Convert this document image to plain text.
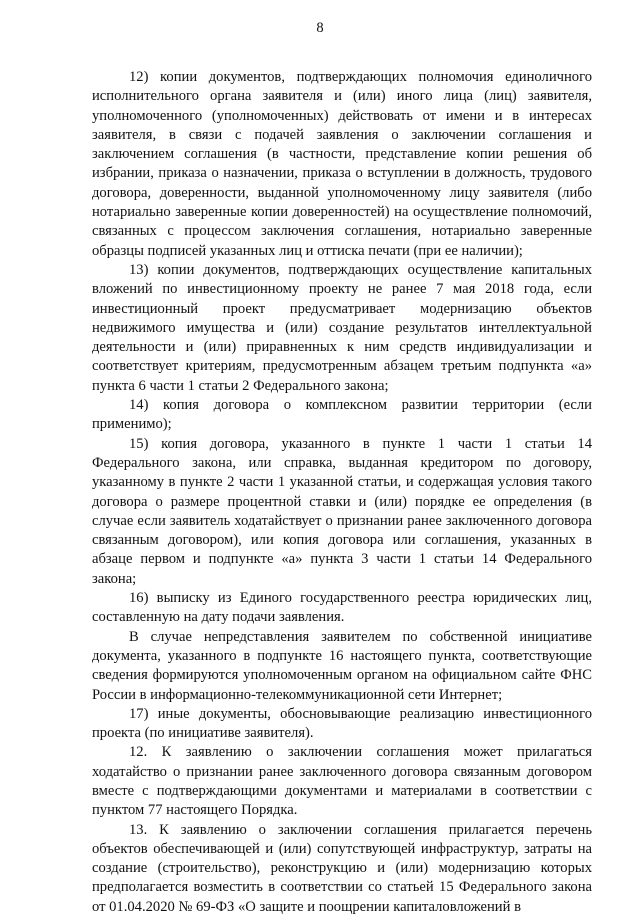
8

12) копии документов, подтверждающих полномочия единоличного исполнительного органа заявителя и (или) иного лица (лиц) заявителя, уполномоченного (уполномоченных) действовать от имени и в интересах заявителя, в связи с подачей заявления о заключении соглашения и заключением соглашения (в частности, представление копии решения об избрании, приказа о назначении, приказа о вступлении в должность, трудового договора, доверенности, выданной уполномоченному лицу заявителя (либо нотариально заверенные копии доверенностей) на осуществление полномочий, связанных с процессом заключения соглашения, нотариально заверенные образцы подписей указанных лиц и оттиска печати (при ее наличии);

13) копии документов, подтверждающих осуществление капитальных вложений по инвестиционному проекту не ранее 7 мая 2018 года, если инвестиционный проект предусматривает модернизацию объектов недвижимого имущества и (или) создание результатов интеллектуальной деятельности и (или) приравненных к ним средств индивидуализации и соответствует критериям, предусмотренным абзацем третьим подпункта «а» пункта 6 части 1 статьи 2 Федерального закона;

14) копия договора о комплексном развитии территории (если применимо);

15) копия договора, указанного в пункте 1 части 1 статьи 14 Федерального закона, или справка, выданная кредитором по договору, указанному в пункте 2 части 1 указанной статьи, и содержащая условия такого договора о размере процентной ставки и (или) порядке ее определения (в случае если заявитель ходатайствует о признании ранее заключенного договора связанным договором), или копия договора или соглашения, указанных в абзаце первом и подпункте «а» пункта 3 части 1 статьи 14 Федерального закона;

16) выписку из Единого государственного реестра юридических лиц, составленную на дату подачи заявления.

В случае непредставления заявителем по собственной инициативе документа, указанного в подпункте 16 настоящего пункта, соответствующие сведения формируются уполномоченным органом на официальном сайте ФНС России в информационно-телекоммуникационной сети Интернет;

17) иные документы, обосновывающие реализацию инвестиционного проекта (по инициативе заявителя).

12. К заявлению о заключении соглашения может прилагаться ходатайство о признании ранее заключенного договора связанным договором вместе с подтверждающими документами и материалами в соответствии с пунктом 77 настоящего Порядка.

13. К заявлению о заключении соглашения прилагается перечень объектов обеспечивающей и (или) сопутствующей инфраструктур, затраты на создание (строительство), реконструкцию и (или) модернизацию которых предполагается возместить в соответствии со статьей 15 Федерального закона от 01.04.2020 № 69-ФЗ «О защите и поощрении капиталовложений в
